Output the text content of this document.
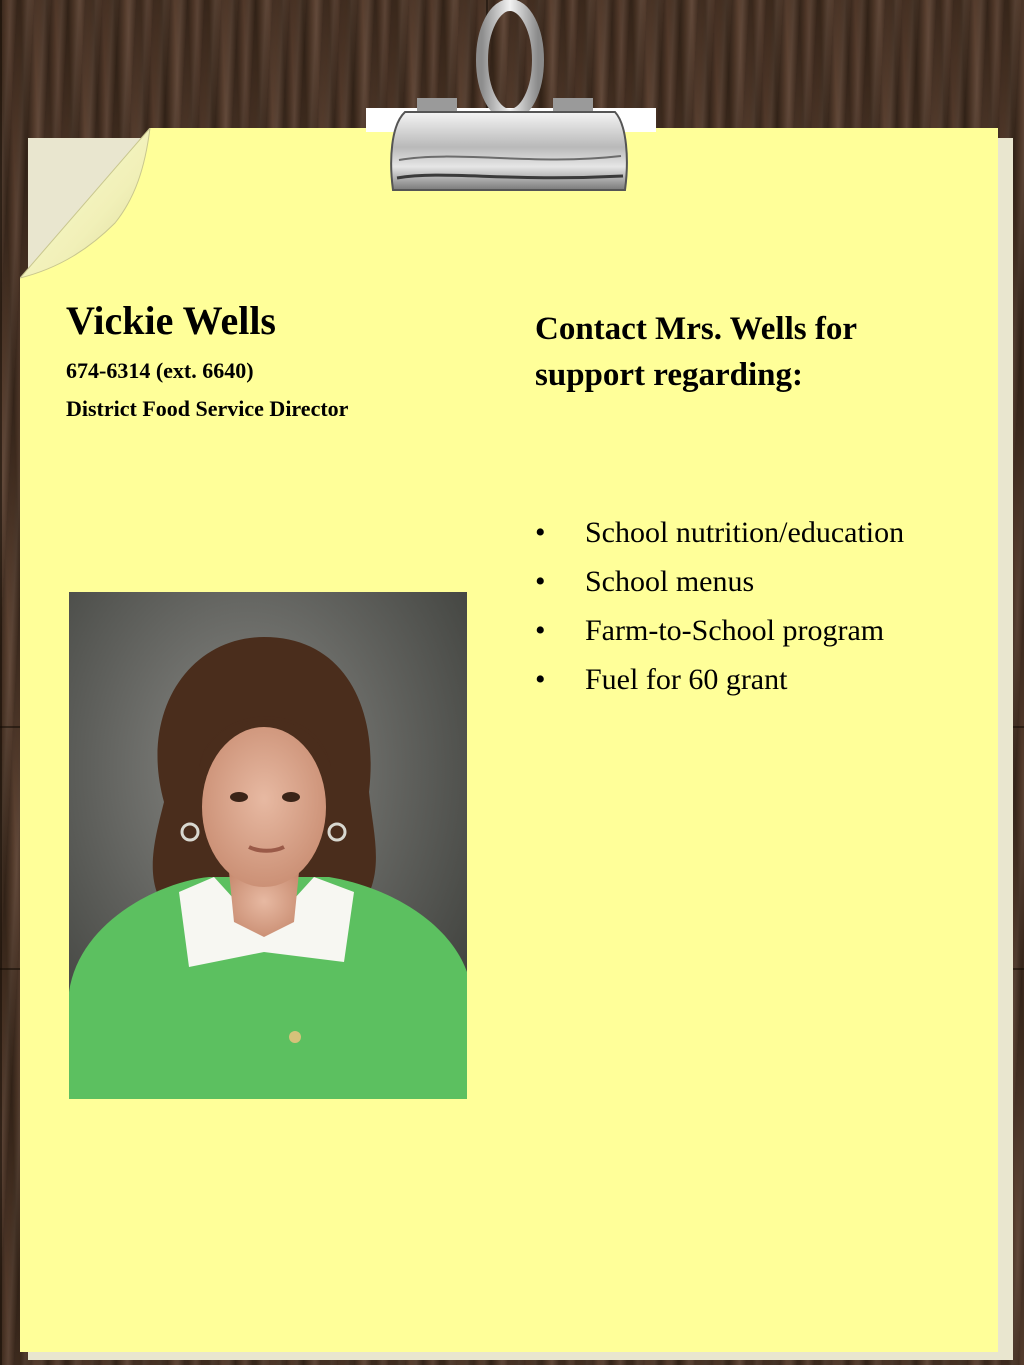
Vickie Wells

674-6314 (ext. 6640)

District Food Service Director

Contact Mrs. Wells for support regarding:
• School nutrition/education
• School menus
• Farm-to-School program
• Fuel for 60 grant
